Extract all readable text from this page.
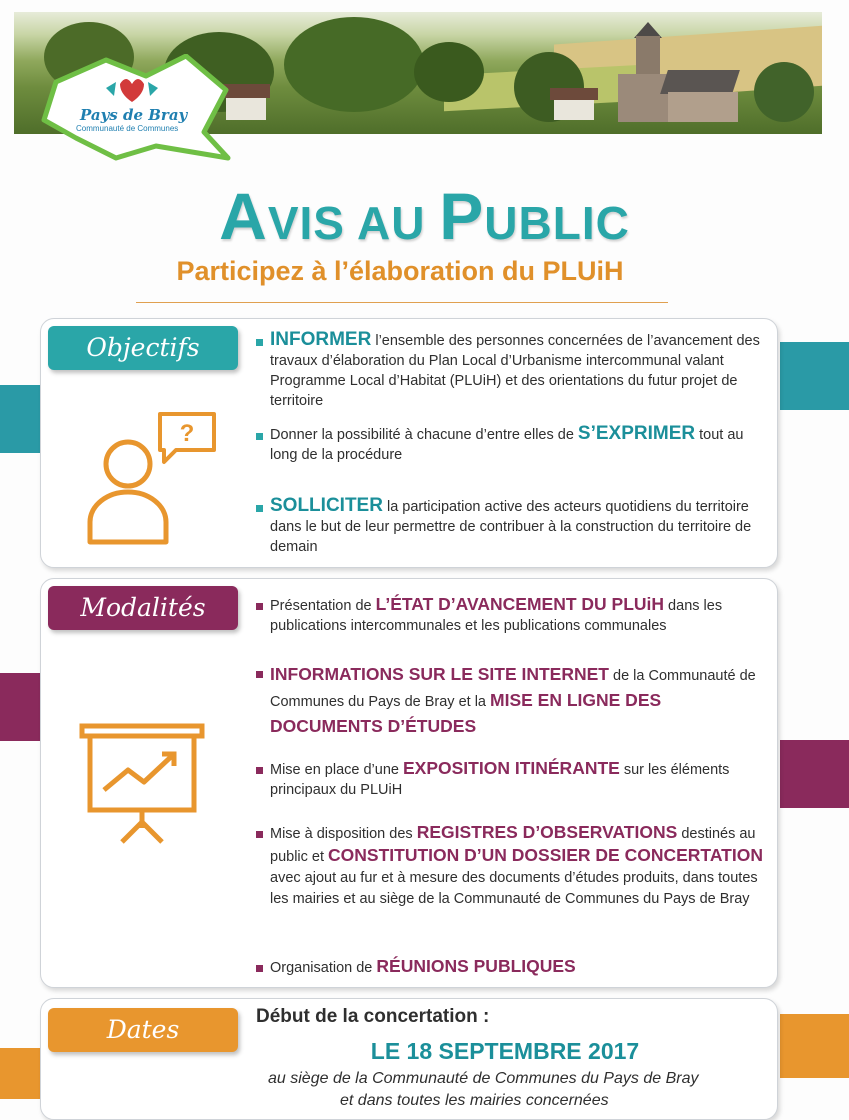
Pays de Bray
Communauté de Communes
AVIS AU PUBLIC
Participez à l’élaboration du PLUiH
Objectifs
?
INFORMER l’ensemble des personnes concernées de l’avancement des travaux d’élaboration du Plan Local d’Urbanisme intercommunal valant Programme Local d’Habitat (PLUiH) et des orientations du futur projet de territoire
Donner la possibilité à chacune d’entre elles de S’EXPRIMER tout au long de la procédure
SOLLICITER la participation active des acteurs quotidiens du territoire dans le but de leur permettre de contribuer à la construction du territoire de demain
Modalités	Présentation de L’ÉTAT D’AVANCEMENT DU PLUiH dans les publications intercommunales et les publications communales
INFORMATIONS SUR LE SITE INTERNET de la Communauté de Communes du Pays de Bray et la MISE EN LIGNE DES DOCUMENTS D’ÉTUDES
Mise en place d’une EXPOSITION ITINÉRANTE sur les éléments principaux du PLUiH
Mise à disposition des REGISTRES D’OBSERVATIONS destinés au public et CONSTITUTION D’UN DOSSIER DE CONCERTATION avec ajout au fur et à mesure des documents d’études produits, dans toutes les mairies et au siège de la Communauté de Communes du Pays de Bray
Organisation de RÉUNIONS PUBLIQUES
Dates	Début de la concertation :
LE 18 SEPTEMBRE 2017
au siège de la Communauté de Communes du Pays de Bray
et dans toutes les mairies concernées
